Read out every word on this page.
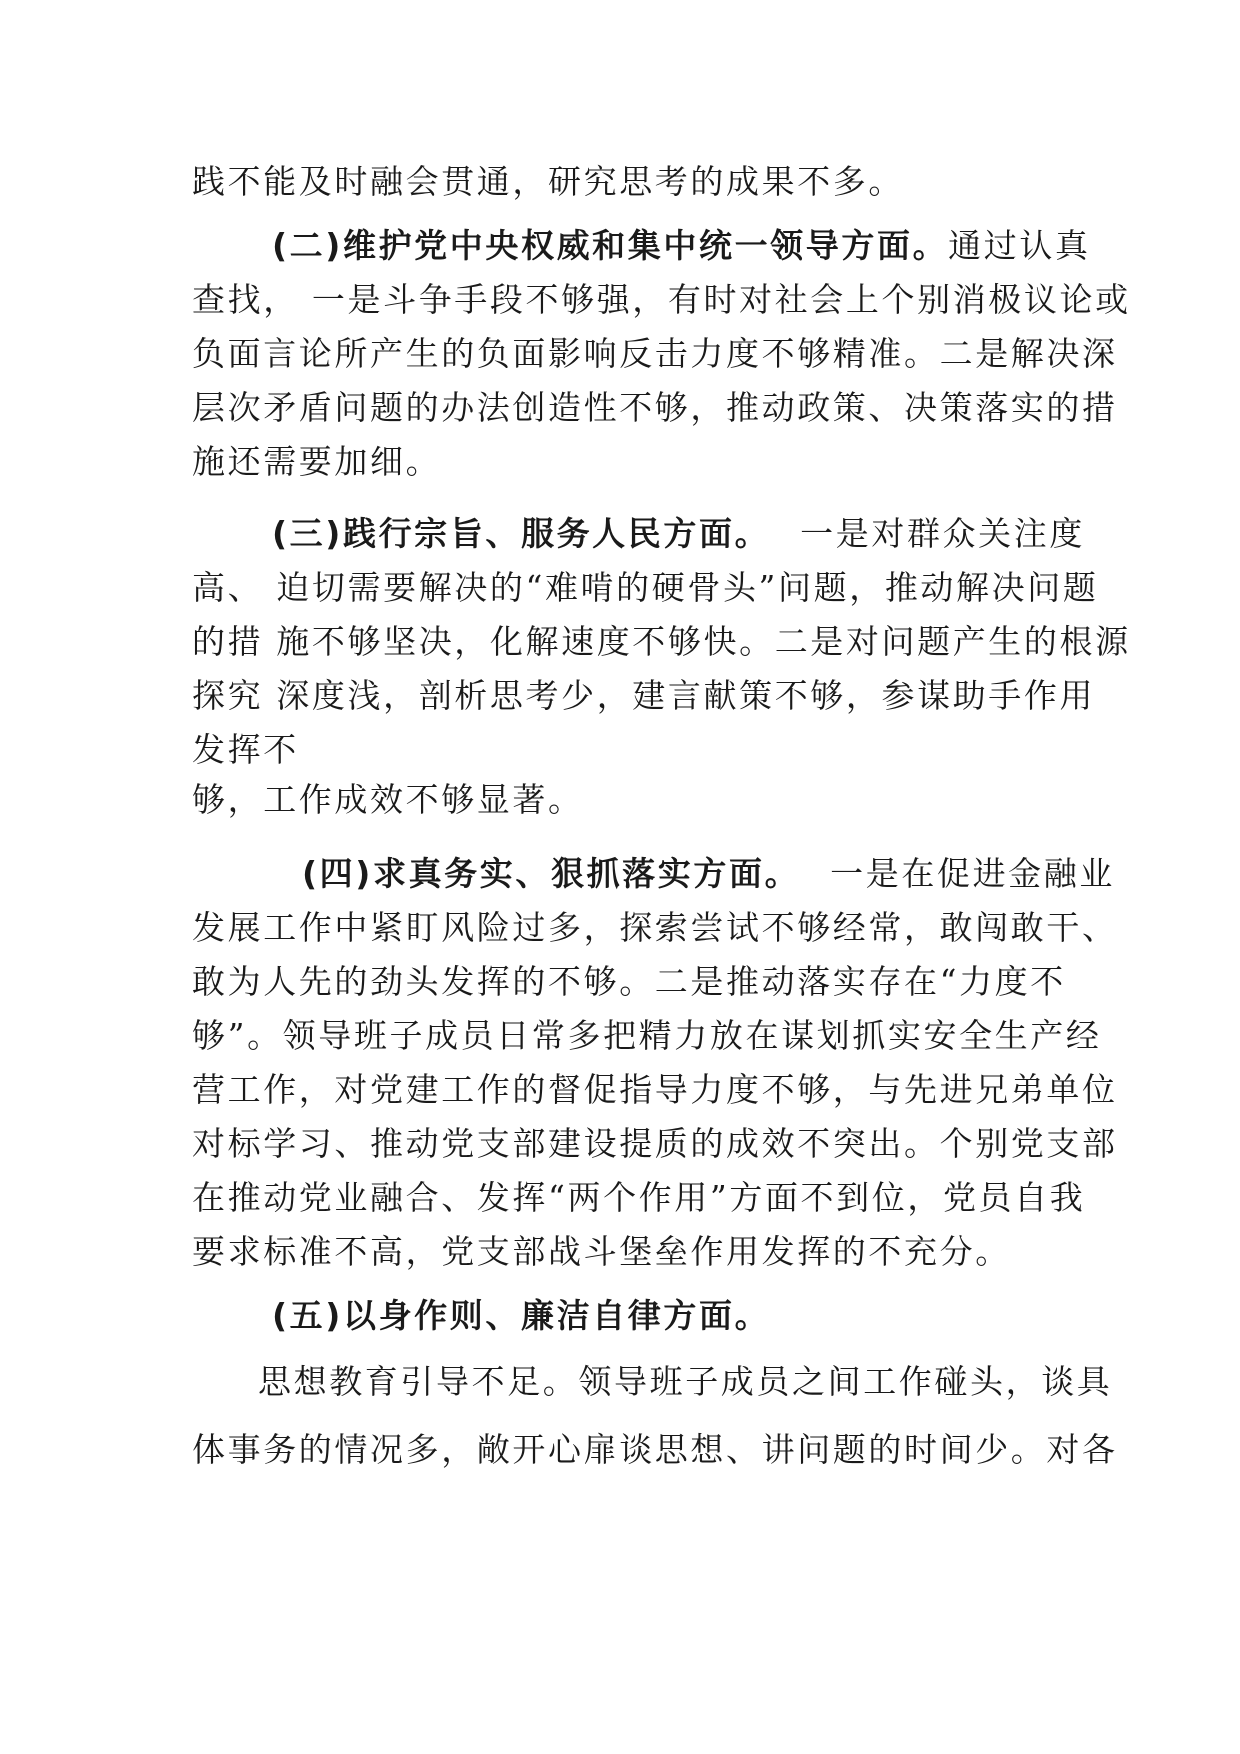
践不能及时融会贯通，研究思考的成果不多。
(二)维护党中央权威和集中统一领导方面。通过认真
查找， 一是斗争手段不够强，有时对社会上个别消极议论或
负面言论所产生的负面影响反击力度不够精准。二是解决深
层次矛盾问题的办法创造性不够，推动政策、决策落实的措
施还需要加细。
(三)践行宗旨、服务人民方面。 一是对群众关注度
高、 迫切需要解决的“难啃的硬骨头”问题，推动解决问题
的措 施不够坚决，化解速度不够快。二是对问题产生的根源
探究 深度浅，剖析思考少，建言献策不够，参谋助手作用
发挥不
够，工作成效不够显著。
(四)求真务实、狠抓落实方面。 一是在促进金融业
发展工作中紧盯风险过多，探索尝试不够经常，敢闯敢干、
敢为人先的劲头发挥的不够。二是推动落实存在“力度不
够”。领导班子成员日常多把精力放在谋划抓实安全生产经
营工作，对党建工作的督促指导力度不够，与先进兄弟单位
对标学习、推动党支部建设提质的成效不突出。个别党支部
在推动党业融合、发挥“两个作用”方面不到位，党员自我
要求标准不高，党支部战斗堡垒作用发挥的不充分。
(五)以身作则、廉洁自律方面。
思想教育引导不足。领导班子成员之间工作碰头，谈具
体事务的情况多，敞开心扉谈思想、讲问题的时间少。对各
